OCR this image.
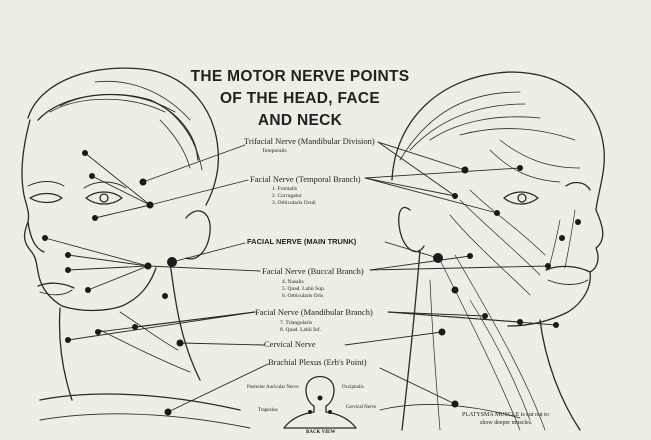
THE MOTOR NERVE POINTS
OF THE HEAD, FACE
AND NECK
Trifacial Nerve (Mandibular Division)
Temporalis
Facial Nerve (Temporal Branch)
1. Frontalis
2. Corrugator
3. Orbicularis Oculi
FACIAL NERVE (MAIN TRUNK)
Facial Nerve (Buccal Branch)
4. Nasalis
5. Quad. Labii Sup.
6. Orbicularis Oris
Facial Nerve (Mandibular Branch)
7. Triangularis
8. Quad. Labii Inf.
Cervical Nerve
Brachial Plexus (Erb's Point)
Posterior Auricular Nerve	Occipitalis
Trapezius
Cervical Nerve
BACK VIEW
PLATYSMA MUSCLE is cut out to
show deeper muscles.
